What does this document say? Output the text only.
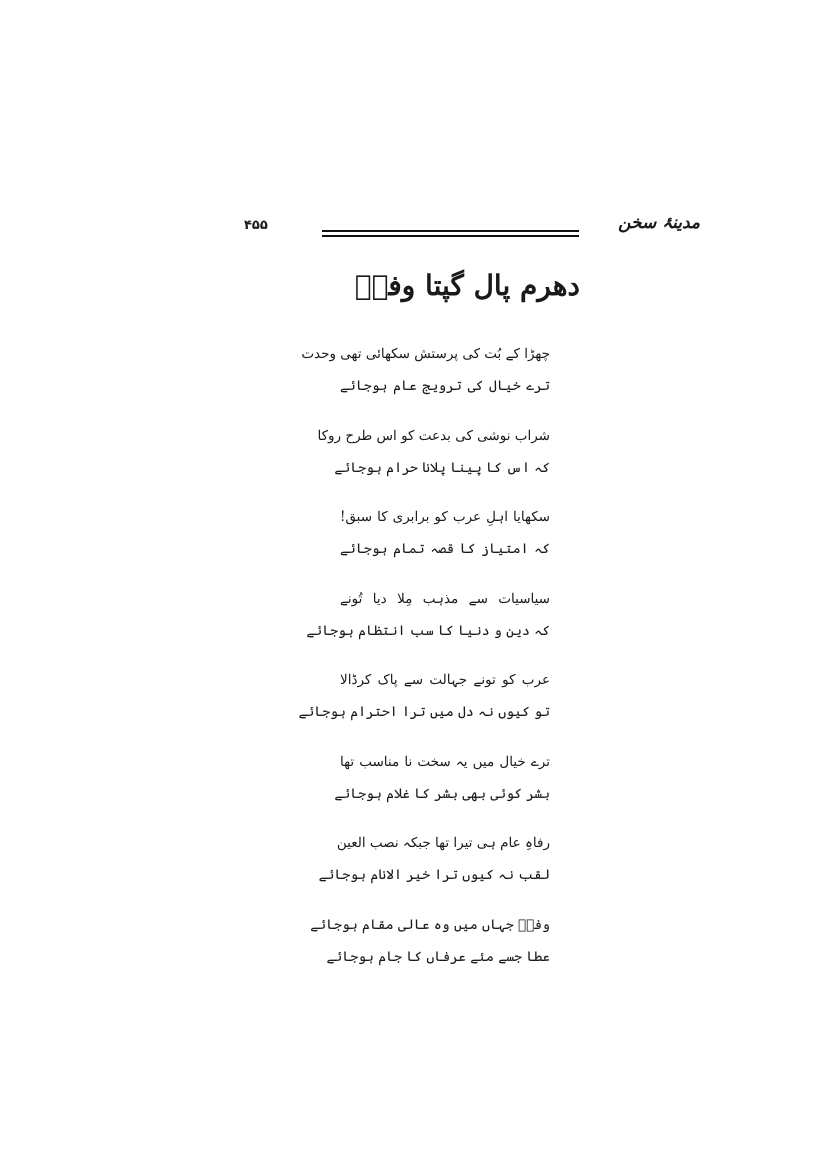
۴۵۵	مدینۂ سخن
دھرم پال گپتا وفاؔ
چھڑا کے بُت کی پرستش سکھائی تھی وحدت
ترے خیال کی ترویج عام ہوجائے
شراب نوشی کی بدعت کو اس طرح روکا
کہ اس کا پینا پلانا حرام ہوجائے
سکھایا اہلِ عرب کو برابری کا سبق!
کہ امتیاز کا قصہ تمام ہوجائے
سیاسیات سے مذہب مِلا دیا تُونے
کہ دین و دنیا کا سب انتظام ہوجائے
عرب کو تونے جہالت سے پاک کرڈالا
تو کیوں نہ دل میں ترا احترام ہوجائے
ترے خیال میں یہ سخت نا مناسب تھا
بشر کوئی بھی بشر کا غلام ہوجائے
رفاہِ عام ہی تیرا تھا جبکہ نصب العین
لقب نہ کیوں ترا خیر الانام ہوجائے
وفاؔ جہاں میں وہ عالی مقام ہوجائے
عطا جسے مئے عرفاں کا جام ہوجائے
